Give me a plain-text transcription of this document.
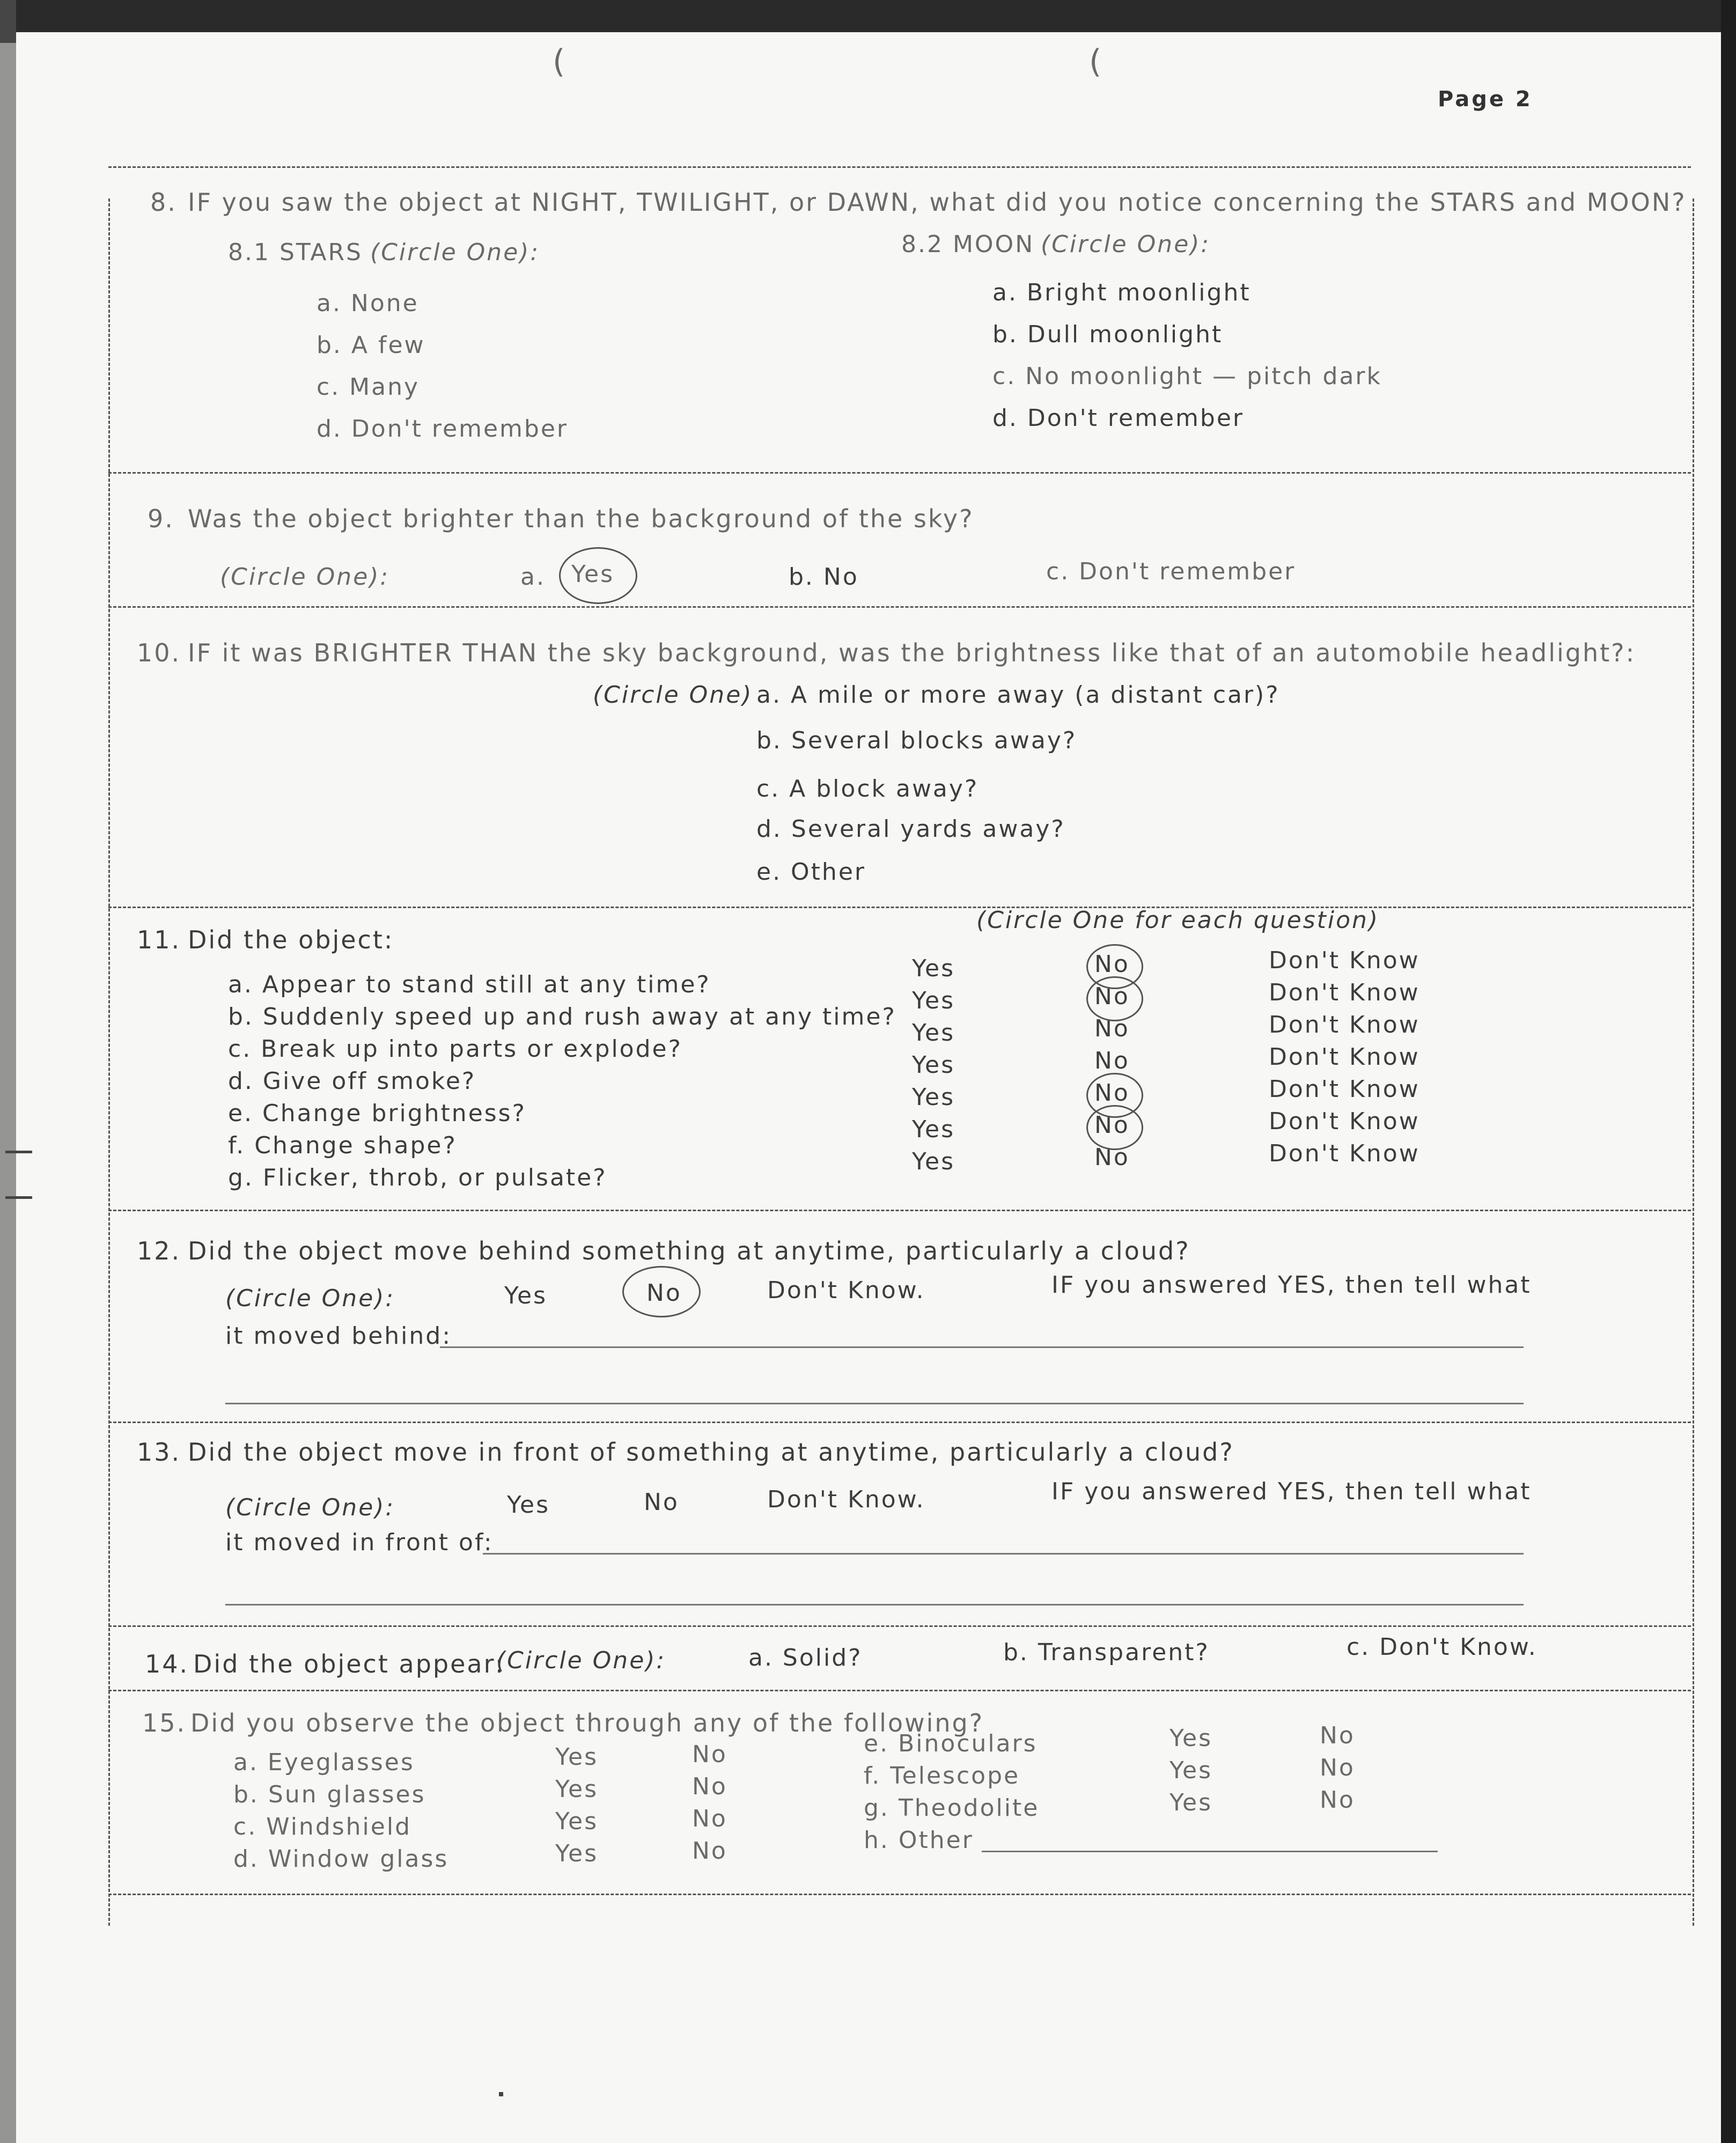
Page 2
(	(
8. IF you saw the object at NIGHT, TWILIGHT, or DAWN, what did you notice concerning the STARS and MOON?
8.1 STARS (Circle One):
a. None
b. A few
c. Many
d. Don't remember
8.2 MOON (Circle One):
a. Bright moonlight
b. Dull moonlight
c. No moonlight — pitch dark
d. Don't remember
9. Was the object brighter than the background of the sky?
(Circle One):	a. Yes	b. No	c. Don't remember
10. IF it was BRIGHTER THAN the sky background, was the brightness like that of an automobile headlight?:
(Circle One) a. A mile or more away (a distant car)?
b. Several blocks away?
c. A block away?
d. Several yards away?
e. Other
11. Did the object:
(Circle One for each question)
a. Appear to stand still at any time?
Yes	No	Don't Know
b. Suddenly speed up and rush away at any time?
Yes	No	Don't Know
c. Break up into parts or explode?
Yes	No	Don't Know
d. Give off smoke?
Yes	No	Don't Know
e. Change brightness?
Yes	No	Don't Know
f. Change shape?
Yes	No	Don't Know
g. Flicker, throb, or pulsate?
Yes	No	Don't Know
12. Did the object move behind something at anytime, particularly a cloud?
(Circle One):	Yes	No	Don't Know.	IF you answered YES, then tell what
it moved behind:
13. Did the object move in front of something at anytime, particularly a cloud?
(Circle One):	Yes	No	Don't Know.	IF you answered YES, then tell what
it moved in front of:
14. Did the object appear:
(Circle One):	a. Solid?	b. Transparent?	c. Don't Know.
15. Did you observe the object through any of the following?
a. Eyeglasses	Yes	No
b. Sun glasses	Yes	No
c. Windshield	Yes	No
d. Window glass	Yes	No
e. Binoculars	Yes	No
f. Telescope	Yes	No
g. Theodolite	Yes	No
h. Other
